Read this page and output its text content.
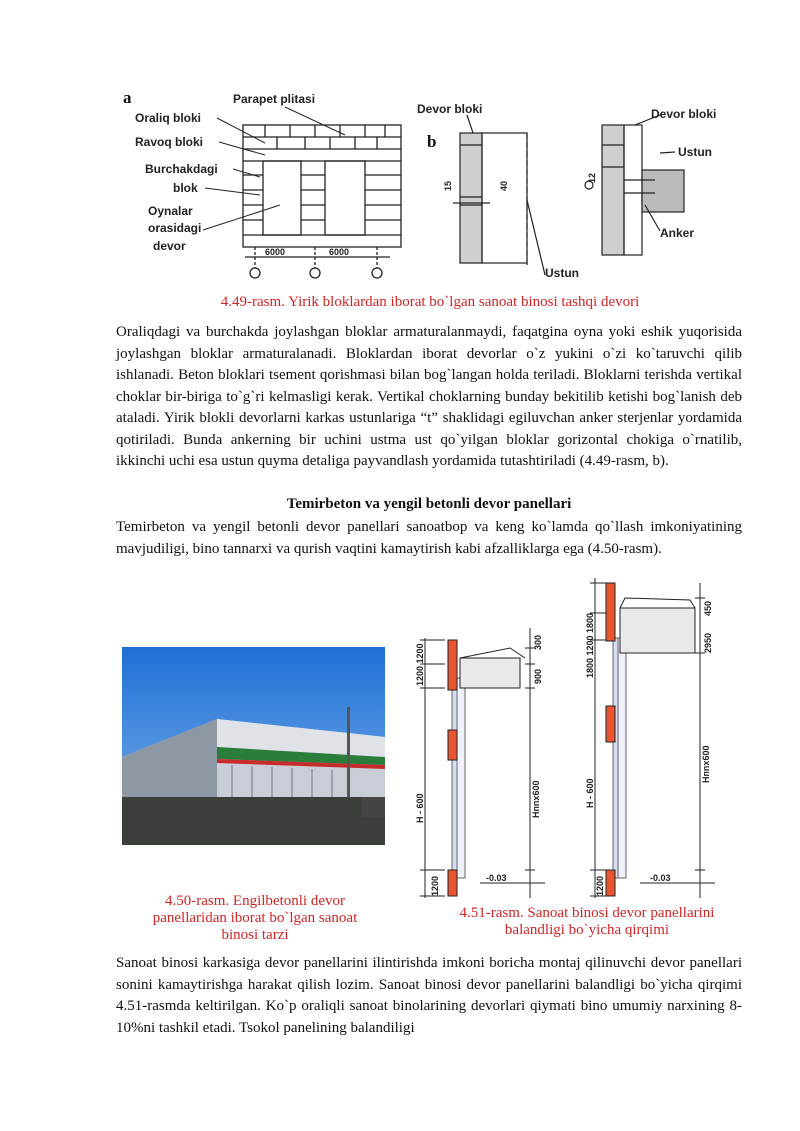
a
Oraliq bloki
Parapet plitasi
Ravoq bloki
Burchakdagi
blok
Oynalar
orasidagi
devor	6000	6000
b
Devor bloki
Ustun
Devor bloki
Ustun
Anker
15	40
12
4.49-rasm. Yirik bloklardan iborat bo`lgan sanoat binosi tashqi devori

Oraliqdagi va burchakda joylashgan bloklar armaturalanmaydi, faqatgina oyna yoki eshik yuqorisida joylashgan bloklar armaturalanadi. Bloklardan iborat devorlar o`z yukini o`zi ko`taruvchi qilib ishlanadi. Beton bloklari tsement qorishmasi bilan bog`langan holda teriladi. Bloklarni terishda vertikal choklar bir-biriga to`g`ri kelmasligi kerak. Vertikal choklarning bunday bekitilib ketishi bog`lanish deb ataladi. Yirik blokli devorlarni karkas ustunlariga “t” shaklidagi egiluvchan anker sterjenlar yordamida qotiriladi. Bunda ankerning bir uchini ustma ust qo`yilgan bloklar gorizontal chokiga o`rnatilib, ikkinchi uchi esa ustun quyma detaliga payvandlash yordamida tutashtiriladi (4.49-rasm, b).

Temirbeton va yengil betonli devor panellari

Temirbeton va yengil betonli devor panellari sanoatbop va keng ko`lamda qo`llash imkoniyatining mavjudiligi, bino tannarxi va qurish vaqtini kamaytirish kabi afzalliklarga ega (4.50-rasm).

4.50-rasm. Engilbetonli devor
panellaridan iborat bo`lgan sanoat
binosi tarzi
1200 1200
300
900
H - 600	Hпnx600
1200	-0.03
1800 1200 1800	2950
450
H - 600
Hпnx600
1200	-0.03
4.51-rasm. Sanoat binosi devor panellarini
balandligi bo`yicha qirqimi

Sanoat binosi karkasiga devor panellarini ilintirishda imkoni boricha montaj qilinuvchi devor panellari sonini kamaytirishga harakat qilish lozim. Sanoat binosi devor panellarini balandligi bo`yicha qirqimi 4.51-rasmda keltirilgan. Ko`p oraliqli sanoat binolarining devorlari qiymati bino umumiy narxining 8-10%ni tashkil etadi. Tsokol panelining balandiligi
